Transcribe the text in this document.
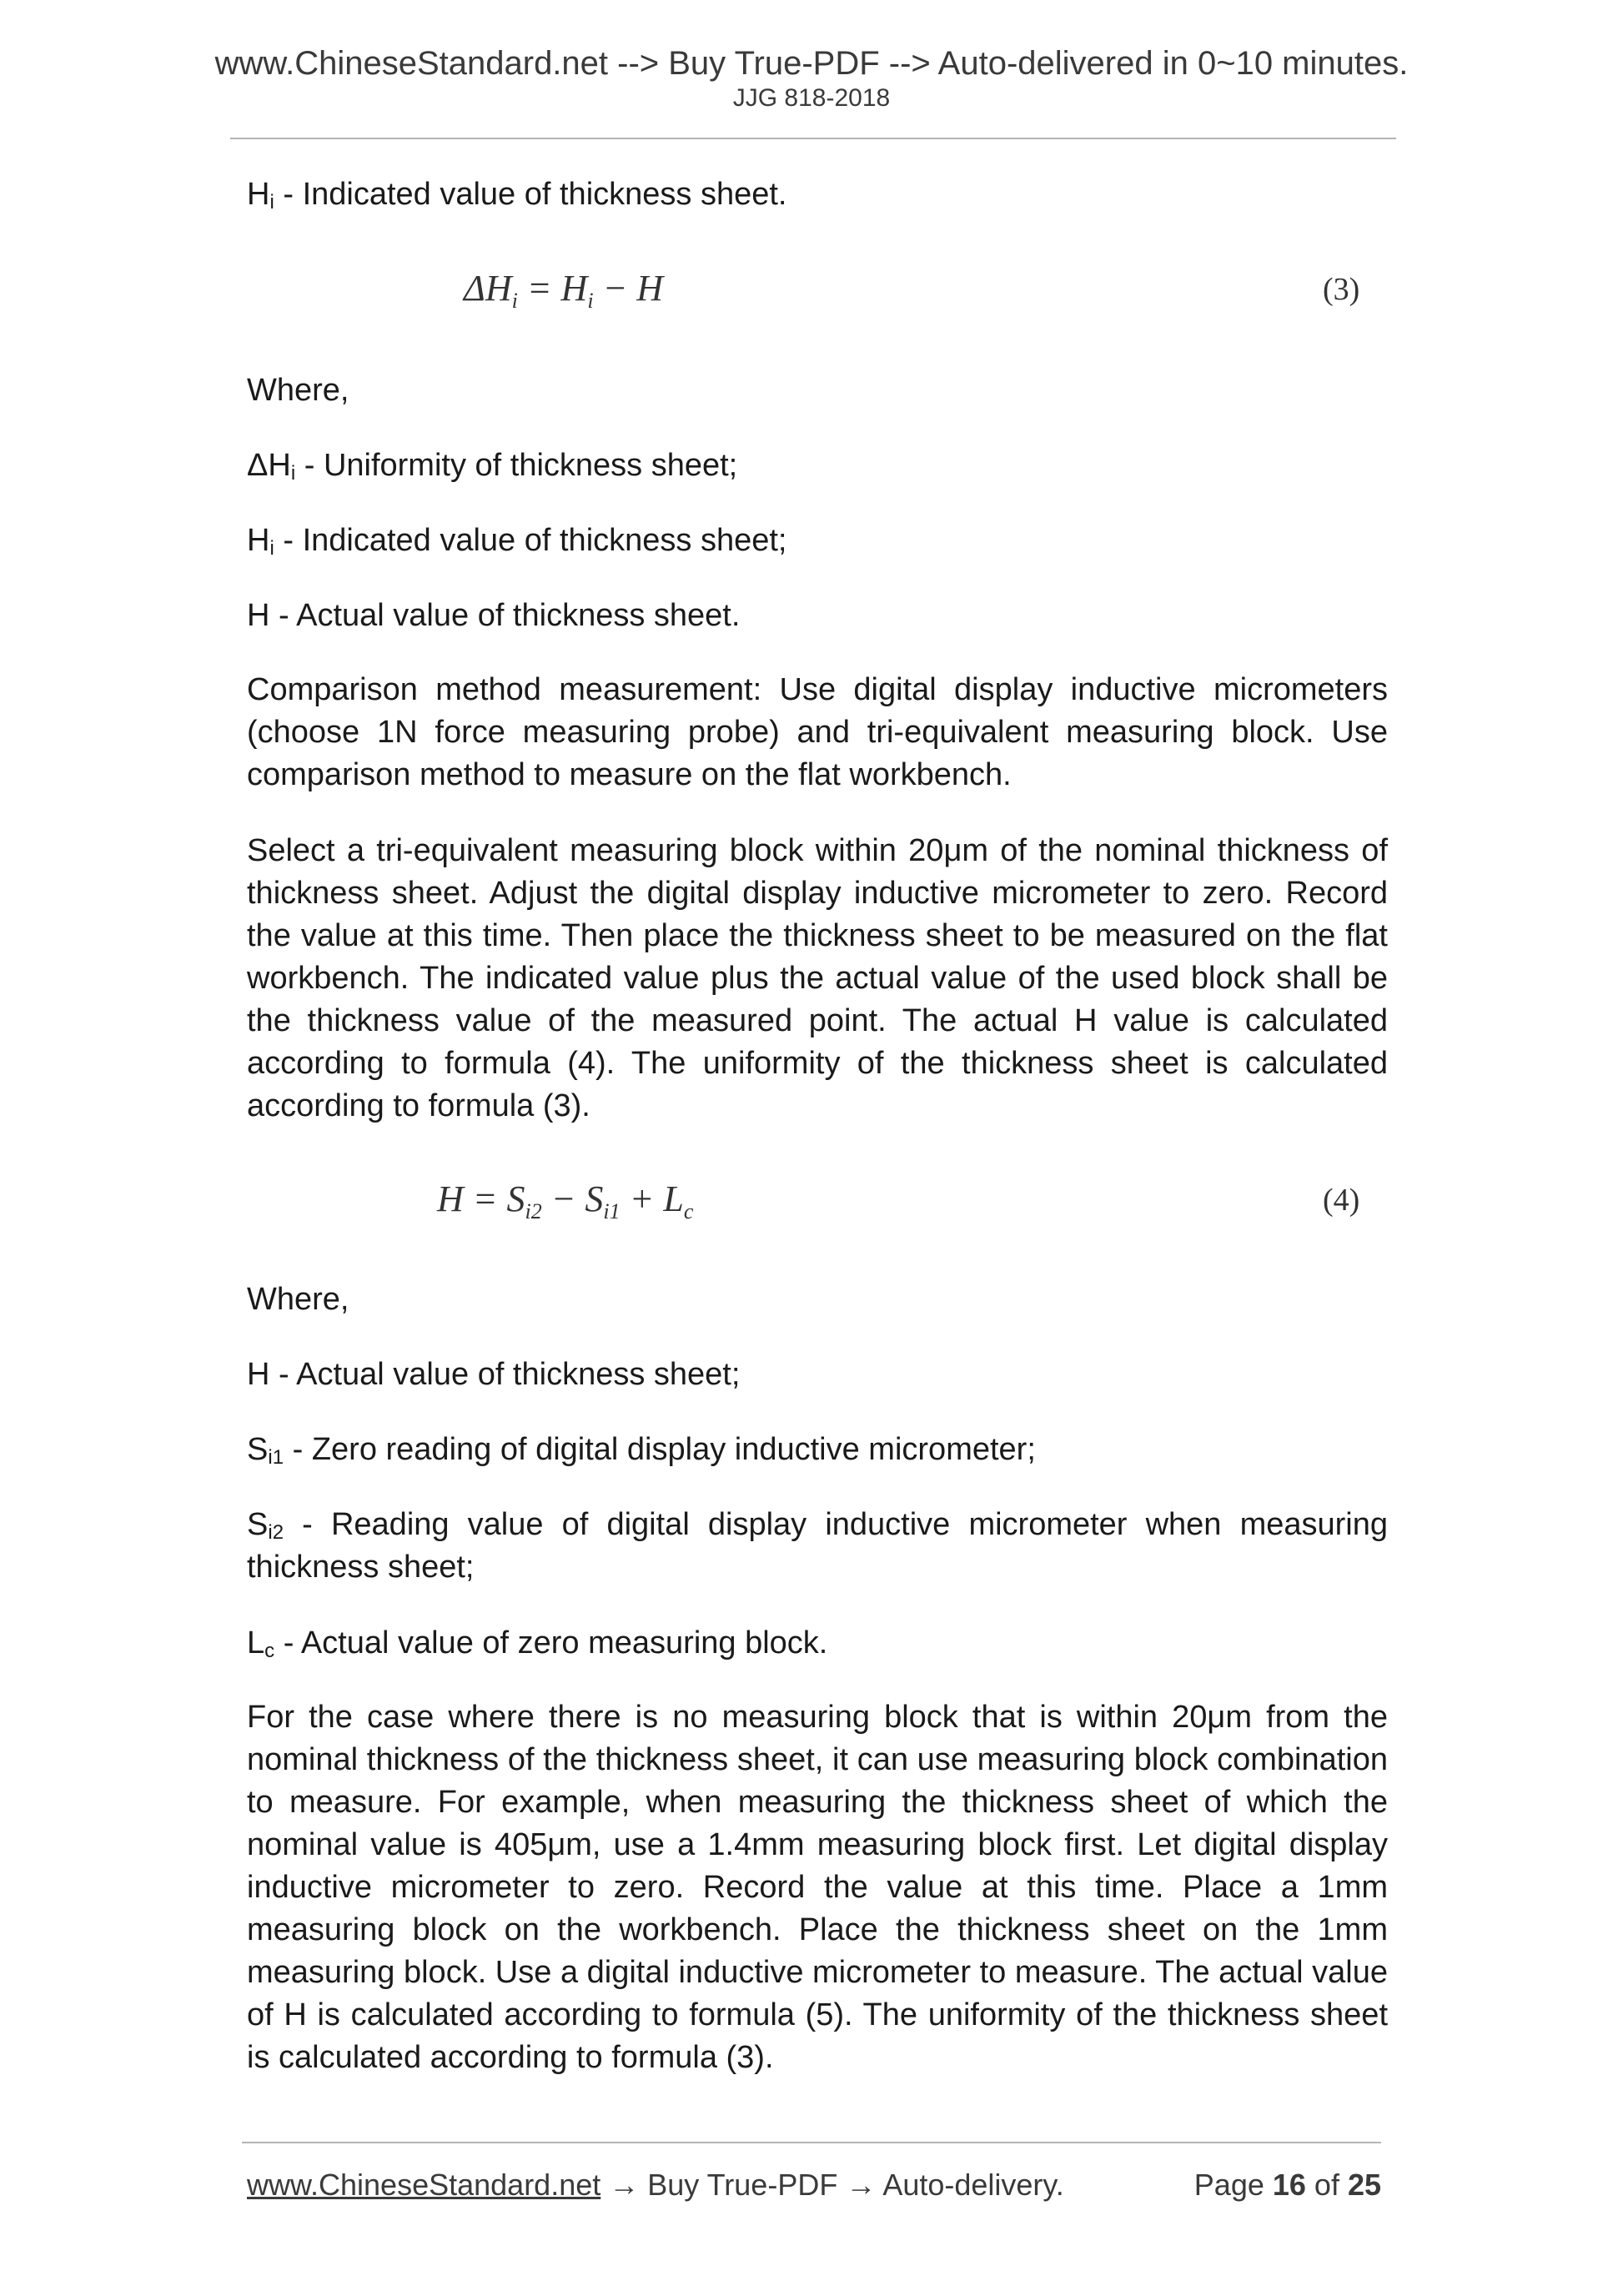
www.ChineseStandard.net --> Buy True-PDF --> Auto-delivered in 0~10 minutes.
JJG 818-2018

$H_i$ - Indicated value of thickness sheet.

$\Delta H_i = H_i - H$	(3)

Where,

$\Delta H_i$ - Uniformity of thickness sheet;

$H_i$ - Indicated value of thickness sheet;

H - Actual value of thickness sheet.

Comparison method measurement: Use digital display inductive micrometers (choose 1N force measuring probe) and tri-equivalent measuring block. Use comparison method to measure on the flat workbench.

Select a tri-equivalent measuring block within 20μm of the nominal thickness of thickness sheet. Adjust the digital display inductive micrometer to zero. Record the value at this time. Then place the thickness sheet to be measured on the flat workbench. The indicated value plus the actual value of the used block shall be the thickness value of the measured point. The actual H value is calculated according to formula (4). The uniformity of the thickness sheet is calculated according to formula (3).

$H = S_{i2} - S_{i1} + L_c$	(4)

Where,

H - Actual value of thickness sheet;

$S_{i1}$ - Zero reading of digital display inductive micrometer;

$S_{i2}$ - Reading value of digital display inductive micrometer when measuring thickness sheet;

$L_c$ - Actual value of zero measuring block.

For the case where there is no measuring block that is within 20μm from the nominal thickness of the thickness sheet, it can use measuring block combination to measure. For example, when measuring the thickness sheet of which the nominal value is 405μm, use a 1.4mm measuring block first. Let digital display inductive micrometer to zero. Record the value at this time. Place a 1mm measuring block on the workbench. Place the thickness sheet on the 1mm measuring block. Use a digital inductive micrometer to measure. The actual value of H is calculated according to formula (5). The uniformity of the thickness sheet is calculated according to formula (3).

www.ChineseStandard.net → Buy True-PDF → Auto-delivery.	Page 16 of 25
